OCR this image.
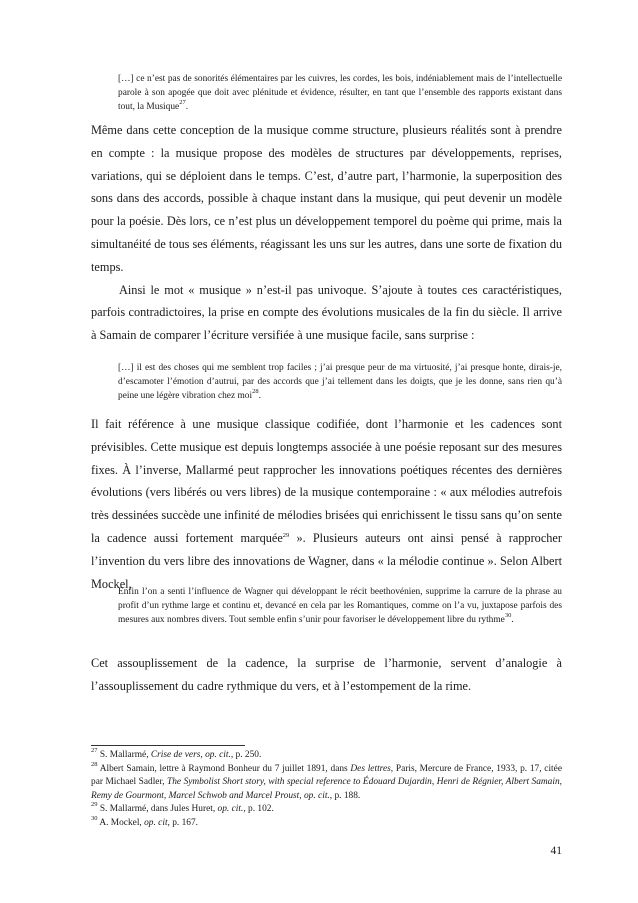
[…] ce n’est pas de sonorités élémentaires par les cuivres, les cordes, les bois, indéniablement mais de l’intellectuelle parole à son apogée que doit avec plénitude et évidence, résulter, en tant que l’ensemble des rapports existant dans tout, la Musique$^{27}$.

Même dans cette conception de la musique comme structure, plusieurs réalités sont à prendre en compte : la musique propose des modèles de structures par développements, reprises, variations, qui se déploient dans le temps. C’est, d’autre part, l’harmonie, la superposition des sons dans des accords, possible à chaque instant dans la musique, qui peut devenir un modèle pour la poésie. Dès lors, ce n’est plus un développement temporel du poème qui prime, mais la simultanéité de tous ses éléments, réagissant les uns sur les autres, dans une sorte de fixation du temps.

Ainsi le mot « musique » n’est-il pas univoque. S’ajoute à toutes ces caractéristiques, parfois contradictoires, la prise en compte des évolutions musicales de la fin du siècle. Il arrive à Samain de comparer l’écriture versifiée à une musique facile, sans surprise :

[…] il est des choses qui me semblent trop faciles ; j’ai presque peur de ma virtuosité, j’ai presque honte, dirais-je, d’escamoter l’émotion d’autrui, par des accords que j’ai tellement dans les doigts, que je les donne, sans rien qu’à peine une légère vibration chez moi$^{28}$.

Il fait référence à une musique classique codifiée, dont l’harmonie et les cadences sont prévisibles. Cette musique est depuis longtemps associée à une poésie reposant sur des mesures fixes. À l’inverse, Mallarmé peut rapprocher les innovations poétiques récentes des dernières évolutions (vers libérés ou vers libres) de la musique contemporaine : « aux mélodies autrefois très dessinées succède une infinité de mélodies brisées qui enrichissent le tissu sans qu’on sente la cadence aussi fortement marquée$^{29}$ ». Plusieurs auteurs ont ainsi pensé à rapprocher l’invention du vers libre des innovations de Wagner, dans « la mélodie continue ». Selon Albert Mockel,

Enfin l’on a senti l’influence de Wagner qui développant le récit beethovénien, supprime la carrure de la phrase au profit d’un rythme large et continu et, devancé en cela par les Romantiques, comme on l’a vu, juxtapose parfois des mesures aux nombres divers. Tout semble enfin s’unir pour favoriser le développement libre du rythme$^{30}$.

Cet assouplissement de la cadence, la surprise de l’harmonie, servent d’analogie à l’assouplissement du cadre rythmique du vers, et à l’estompement de la rime.

$^{27}$ S. Mallarmé, Crise de vers, op. cit., p. 250.

$^{28}$ Albert Samain, lettre à Raymond Bonheur du 7 juillet 1891, dans Des lettres, Paris, Mercure de France, 1933, p. 17, citée par Michael Sadler, The Symbolist Short story, with special reference to Édouard Dujardin, Henri de Régnier, Albert Samain, Remy de Gourmont, Marcel Schwob and Marcel Proust, op. cit., p. 188.

$^{29}$ S. Mallarmé, dans Jules Huret, op. cit., p. 102.

$^{30}$ A. Mockel, op. cit, p. 167.

41
